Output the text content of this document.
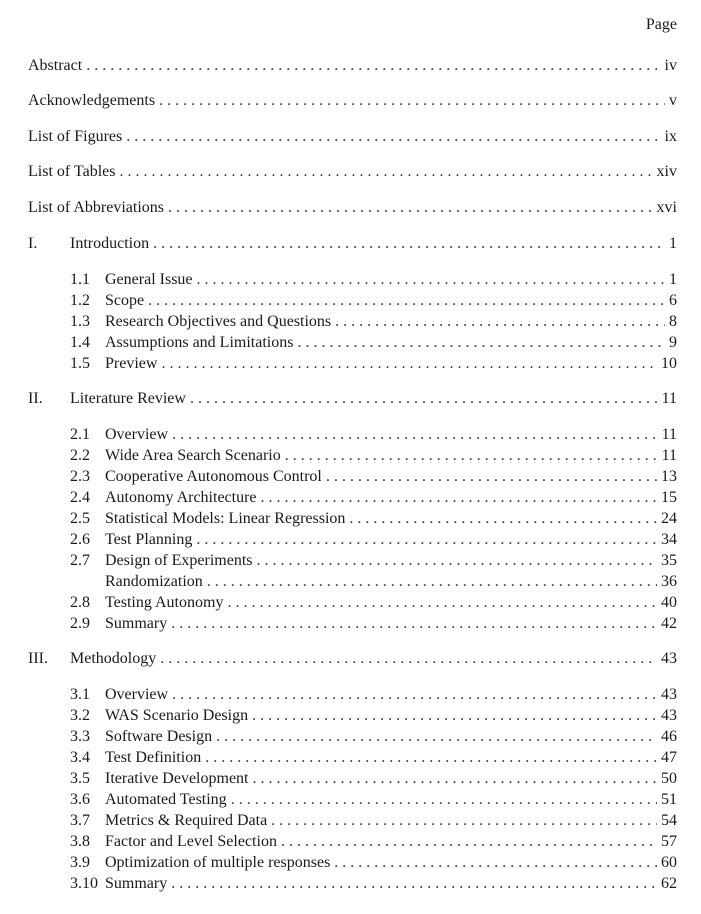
Page
Abstract . . .	iv
Acknowledgements . . .	v
List of Figures . . .	ix
List of Tables . . .	xiv
List of Abbreviations . . .	xvi
I.	Introduction . . .	1
1.1 General Issue . . .	1
1.2 Scope . . .	6
1.3 Research Objectives and Questions . . .	8
1.4 Assumptions and Limitations . . .	9
1.5 Preview . . .	10
II.	Literature Review . . .	11
2.1 Overview . . .	11
2.2 Wide Area Search Scenario . . .	11
2.3 Cooperative Autonomous Control . . .	13
2.4 Autonomy Architecture . . .	15
2.5 Statistical Models: Linear Regression . . .	24
2.6 Test Planning . . .	34
2.7 Design of Experiments . . .	35
Randomization . . .	36
2.8 Testing Autonomy . . .	40
2.9 Summary . . .	42
III.	Methodology . . .	43
3.1 Overview . . .	43
3.2 WAS Scenario Design . . .	43
3.3 Software Design . . .	46
3.4 Test Definition . . .	47
3.5 Iterative Development . . .	50
3.6 Automated Testing . . .	51
3.7 Metrics & Required Data . . .	54
3.8 Factor and Level Selection . . .	57
3.9 Optimization of multiple responses . . .	60
3.10 Summary . . .	62
